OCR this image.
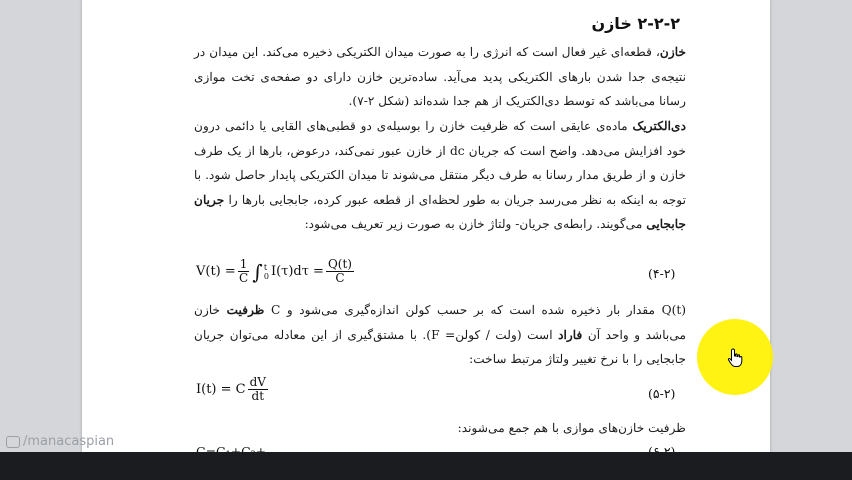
۲-۲-۲ خازن
خازن، قطعه‌ای غیر فعال است که انرژی را به صورت میدان الکتریکی ذخیره می‌کند. این میدان در نتیجه‌ی جدا شدن بارهای الکتریکی پدید می‌آید. ساده‌ترین خازن دارای دو صفحه‌ی تخت موازی رسانا می‌باشد که توسط دی‌الکتریک از هم جدا شده‌اند (شکل ۲-۷).
دی‌الکتریک ماده‌ی عایقی است که ظرفیت خازن را بوسیله‌ی دو قطبی‌های القایی یا دائمی درون خود افزایش می‌دهد. واضح است که جریان dc از خازن عبور نمی‌کند، درعوض، بارها از یک طرف خازن و از طریق مدار رسانا به طرف دیگر منتقل می‌شوند تا میدان الکتریکی پایدار حاصل شود. با توجه به اینکه به نظر می‌رسد جریان به طور لحظه‌ای از قطعه عبور کرده، جابجایی بارها را جریان جابجایی می‌گویند. رابطه‌ی جریان- ولتاژ خازن به صورت زیر تعریف می‌شود:
$V(t) = \frac{1}{C}$ ∫ t
0 $I(\tau)d\tau = \frac{Q(t)}{C}$	(۴-۲)
Q(t) مقدار بار ذخیره شده است که بر حسب کولن اندازه‌گیری می‌شود و C ظرفیت خازن می‌باشد و واحد آن فاراد است (ولت / کولن= F). با مشتق‌گیری از این معادله می‌توان جریان جابجایی را با نرخ تغییر ولتاژ مرتبط ساخت:
I(t) = C $\frac{dV}{dt}$	(۵-۲)
ظرفیت خازن‌های موازی با هم جمع می‌شوند:
/manacaspian
